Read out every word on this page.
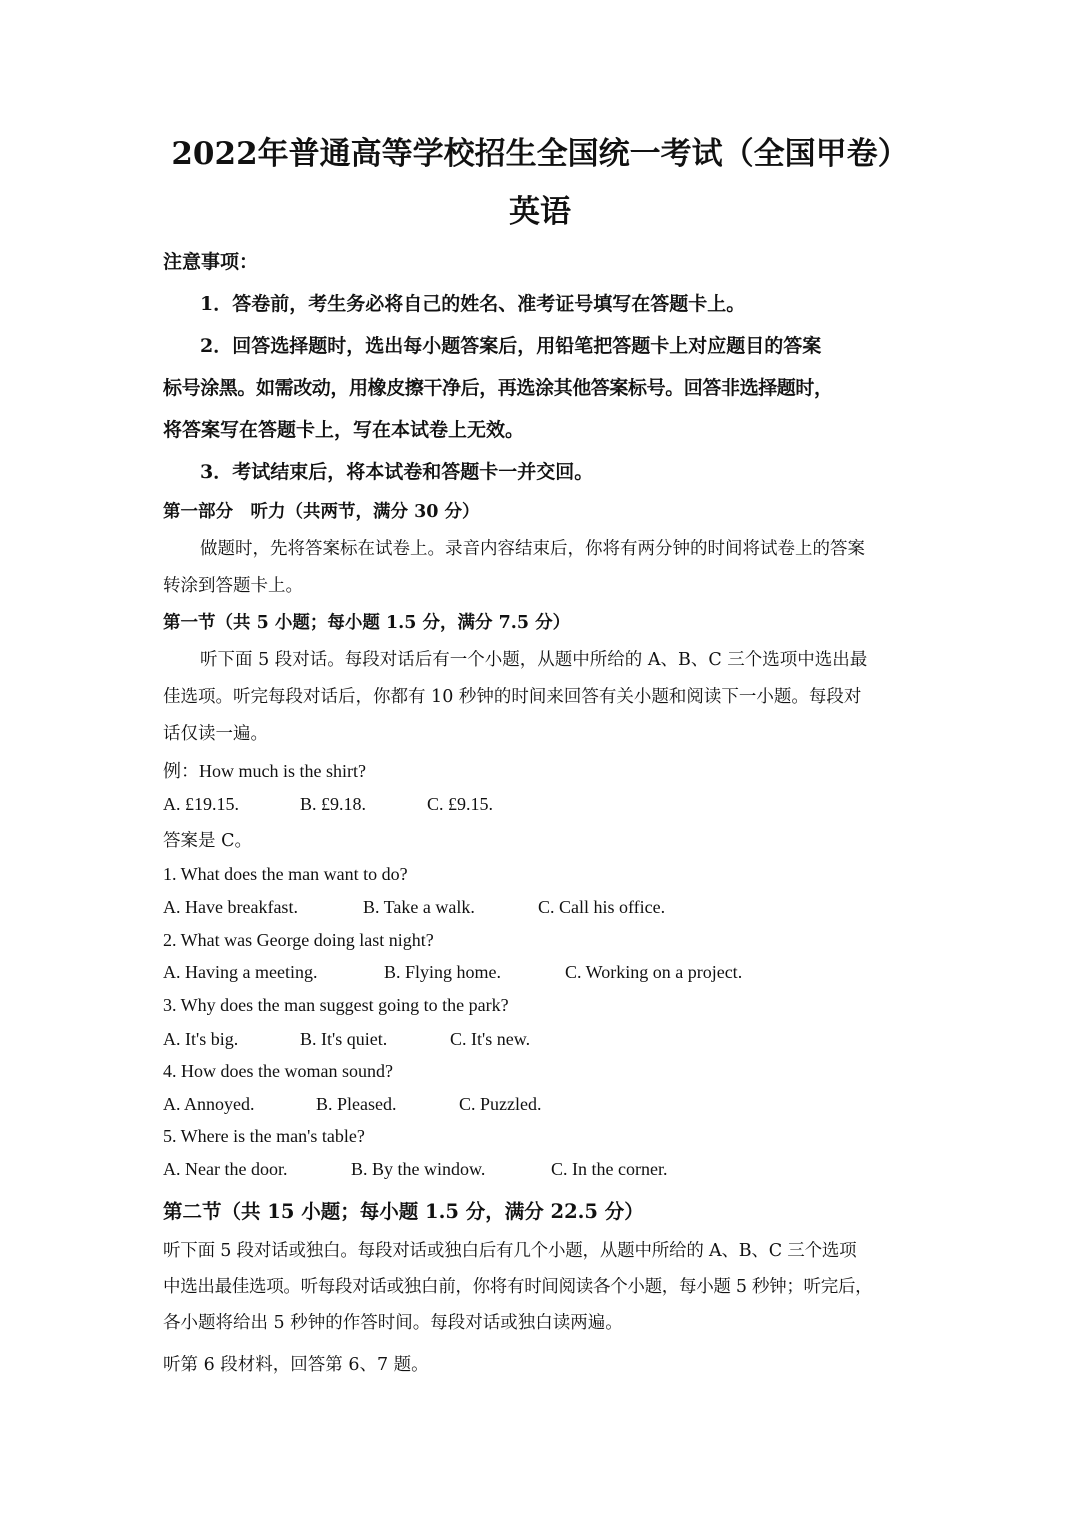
2022年普通高等学校招生全国统一考试（全国甲卷）
英语
注意事项：
1．答卷前，考生务必将自己的姓名、准考证号填写在答题卡上。
2．回答选择题时，选出每小题答案后，用铅笔把答题卡上对应题目的答案
标号涂黑。如需改动，用橡皮擦干净后，再选涂其他答案标号。回答非选择题时，
将答案写在答题卡上，写在本试卷上无效。
3．考试结束后，将本试卷和答题卡一并交回。
第一部分　听力（共两节，满分 30 分）
做题时，先将答案标在试卷上。录音内容结束后，你将有两分钟的时间将试卷上的答案
转涂到答题卡上。
第一节（共 5 小题；每小题 1.5 分，满分 7.5 分）
听下面 5 段对话。每段对话后有一个小题，从题中所给的 A、B、C 三个选项中选出最
佳选项。听完每段对话后，你都有 10 秒钟的时间来回答有关小题和阅读下一小题。每段对
话仅读一遍。
例：How much is the shirt?
A. £19.15.	B. £9.18.	C. £9.15.
答案是 C。
1. What does the man want to do?
A. Have breakfast.	B. Take a walk.	C. Call his office.
2. What was George doing last night?
A. Having a meeting.	B. Flying home.	C. Working on a project.
3. Why does the man suggest going to the park?
A. It's big.	B. It's quiet.	C. It's new.
4. How does the woman sound?
A. Annoyed.	B. Pleased.	C. Puzzled.
5. Where is the man's table?
A. Near the door.	B. By the window.	C. In the corner.
第二节（共 15 小题；每小题 1.5 分，满分 22.5 分）
听下面 5 段对话或独白。每段对话或独白后有几个小题，从题中所给的 A、B、C 三个选项
中选出最佳选项。听每段对话或独白前，你将有时间阅读各个小题，每小题 5 秒钟；听完后，
各小题将给出 5 秒钟的作答时间。每段对话或独白读两遍。
听第 6 段材料，回答第 6、7 题。
